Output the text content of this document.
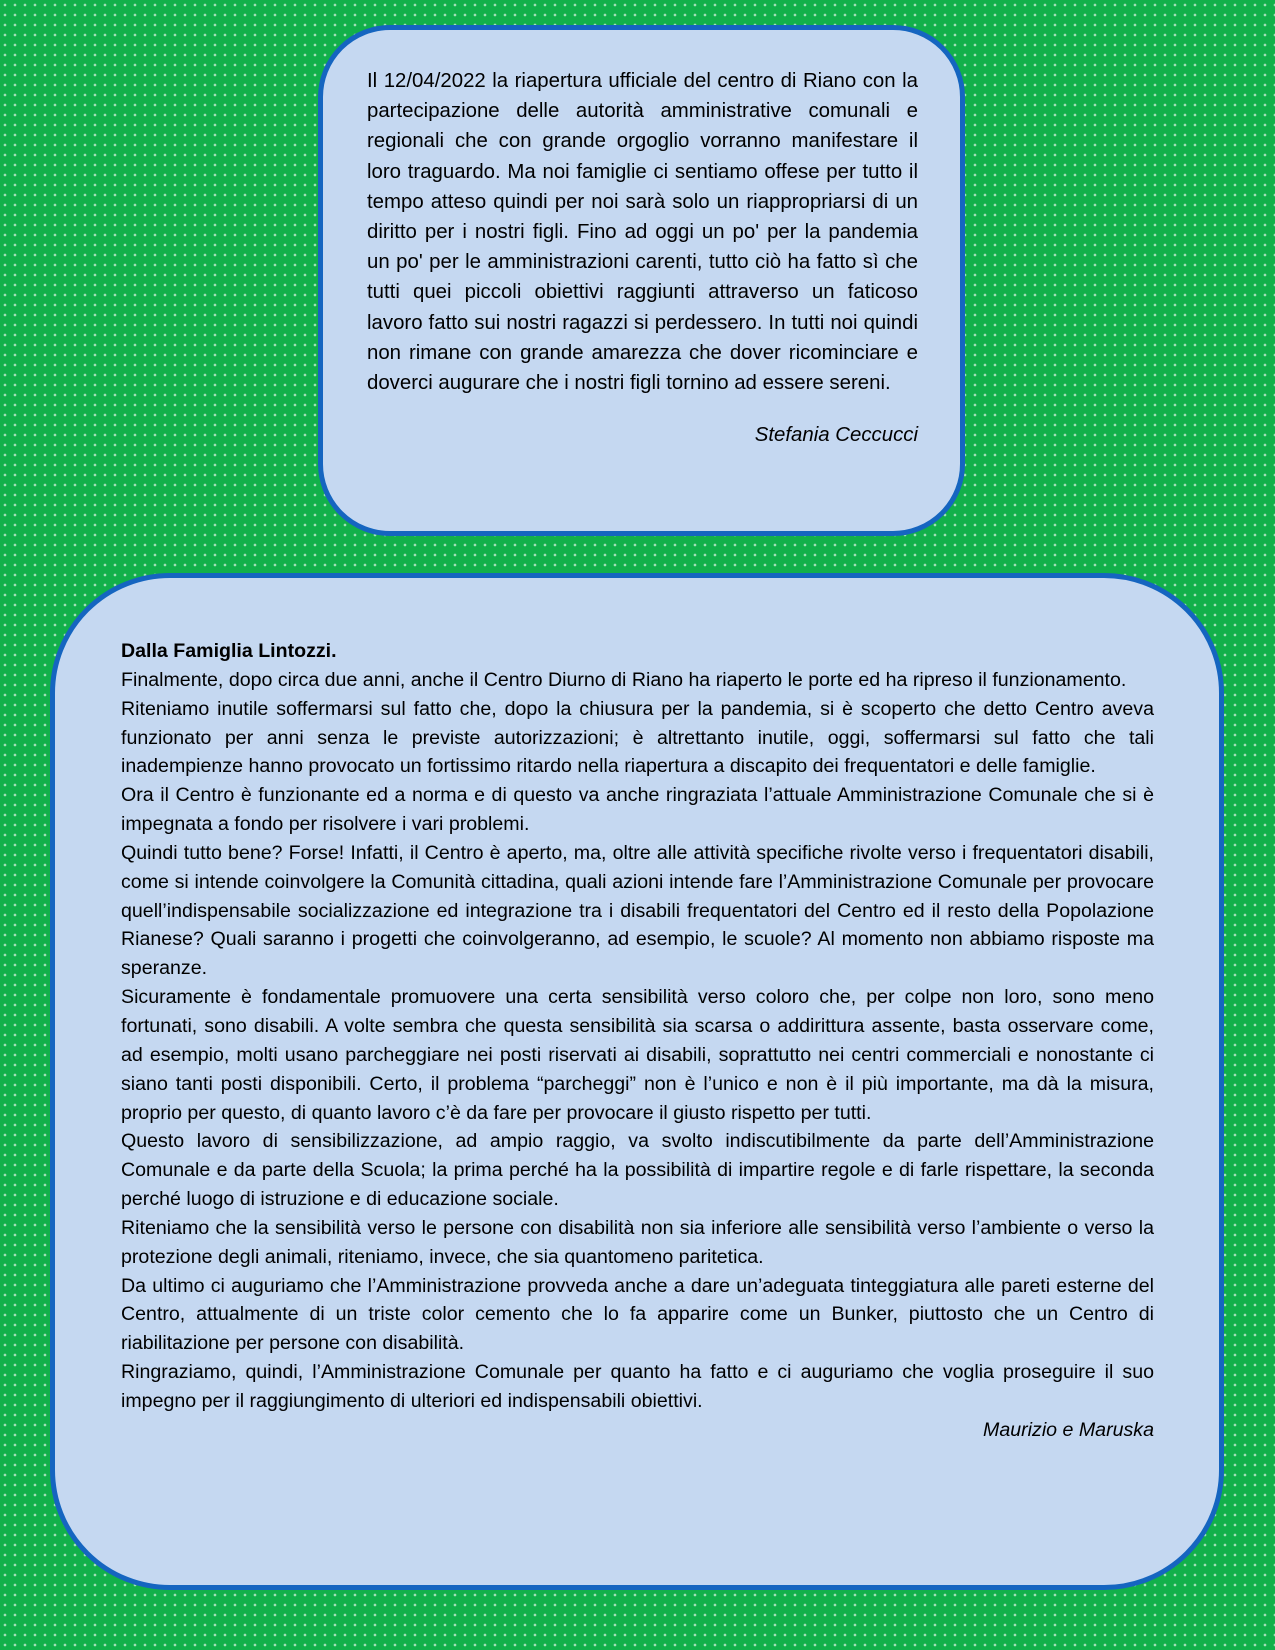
Il 12/04/2022 la riapertura ufficiale del centro di Riano con la partecipazione delle autorità amministrative comunali e regionali che con grande orgoglio vorranno manifestare il loro traguardo. Ma noi famiglie ci sentiamo offese per tutto il tempo atteso quindi per noi sarà solo un riappropriarsi di un diritto per i nostri figli. Fino ad oggi un po' per la pandemia un po' per le amministrazioni carenti, tutto ciò ha fatto sì che tutti quei piccoli obiettivi raggiunti attraverso un faticoso lavoro fatto sui nostri ragazzi si perdessero. In tutti noi quindi non rimane con grande amarezza che dover ricominciare e doverci augurare che i nostri figli tornino ad essere sereni.
Stefania Ceccucci
Dalla Famiglia Lintozzi.

Finalmente, dopo circa due anni, anche il Centro Diurno di Riano ha riaperto le porte ed ha ripreso il funzionamento.

Riteniamo inutile soffermarsi sul fatto che, dopo la chiusura per la pandemia, si è scoperto che detto Centro aveva funzionato per anni senza le previste autorizzazioni; è altrettanto inutile, oggi, soffermarsi sul fatto che tali inadempienze hanno provocato un fortissimo ritardo nella riapertura a discapito dei frequentatori e delle famiglie.

Ora il Centro è funzionante ed a norma e di questo va anche ringraziata l’attuale Amministrazione Comunale che si è impegnata a fondo per risolvere i vari problemi.

Quindi tutto bene? Forse! Infatti, il Centro è aperto, ma, oltre alle attività specifiche rivolte verso i frequentatori disabili, come si intende coinvolgere la Comunità cittadina, quali azioni intende fare l’Amministrazione Comunale per provocare quell’indispensabile socializzazione ed integrazione tra i disabili frequentatori del Centro ed il resto della Popolazione Rianese? Quali saranno i progetti che coinvolgeranno, ad esempio, le scuole? Al momento non abbiamo risposte ma speranze.

Sicuramente è fondamentale promuovere una certa sensibilità verso coloro che, per colpe non loro, sono meno fortunati, sono disabili. A volte sembra che questa sensibilità sia scarsa o addirittura assente, basta osservare come, ad esempio, molti usano parcheggiare nei posti riservati ai disabili, soprattutto nei centri commerciali e nonostante ci siano tanti posti disponibili. Certo, il problema “parcheggi” non è l’unico e non è il più importante, ma dà la misura, proprio per questo, di quanto lavoro c’è da fare per provocare il giusto rispetto per tutti.

Questo lavoro di sensibilizzazione, ad ampio raggio, va svolto indiscutibilmente da parte dell’Amministrazione Comunale e da parte della Scuola; la prima perché ha la possibilità di impartire regole e di farle rispettare, la seconda perché luogo di istruzione e di educazione sociale.

Riteniamo che la sensibilità verso le persone con disabilità non sia inferiore alle sensibilità verso l’ambiente o verso la protezione degli animali, riteniamo, invece, che sia quantomeno paritetica.

Da ultimo ci auguriamo che l’Amministrazione provveda anche a dare un’adeguata tinteggiatura alle pareti esterne del Centro, attualmente di un triste color cemento che lo fa apparire come un Bunker, piuttosto che un Centro di riabilitazione per persone con disabilità.

Ringraziamo, quindi, l’Amministrazione Comunale per quanto ha fatto e ci auguriamo che voglia proseguire il suo impegno per il raggiungimento di ulteriori ed indispensabili obiettivi.

Maurizio e Maruska
